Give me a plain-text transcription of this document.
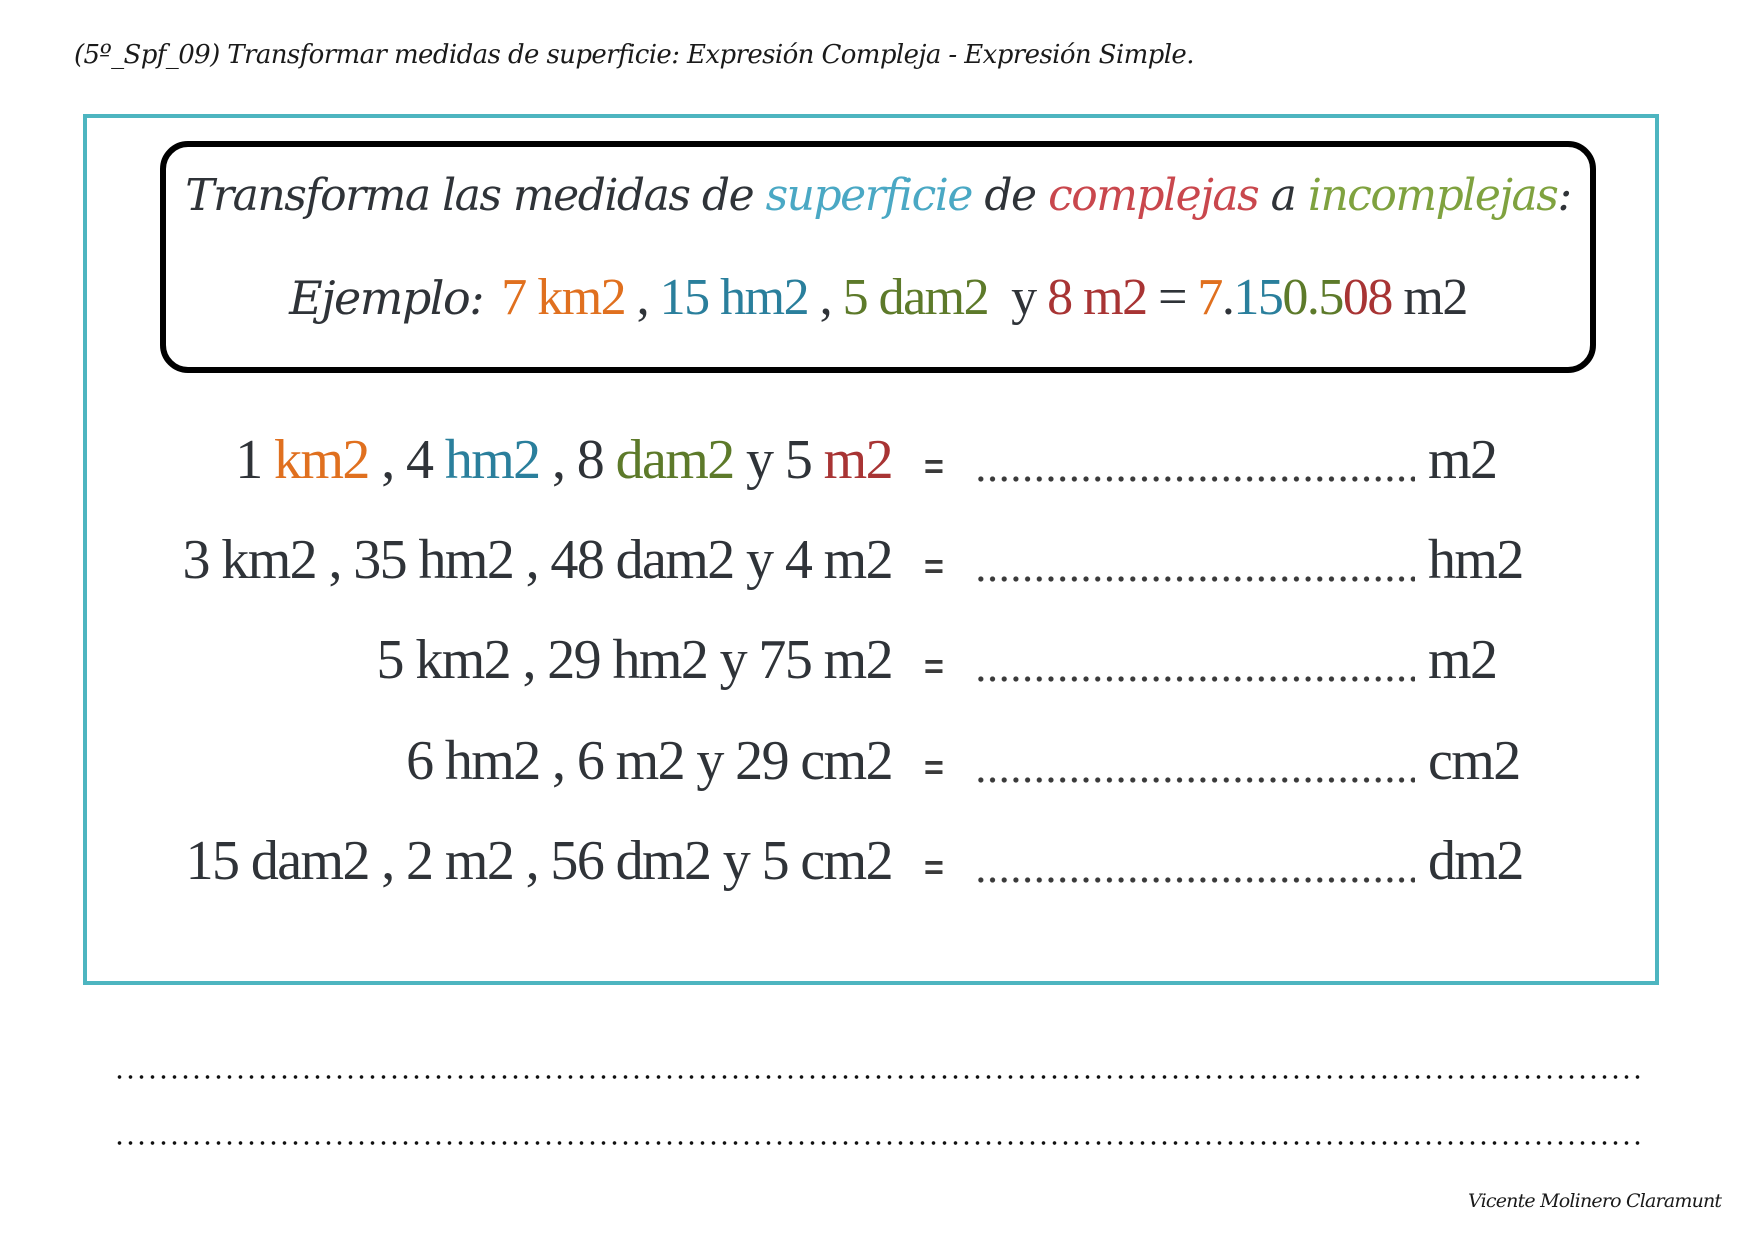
(5º_Spf_09) Transformar medidas de superficie: Expresión Compleja - Expresión Simple.
Transforma las medidas de superficie de complejas a incomplejas:
Ejemplo: 7 km2 , 15 hm2 , 5 dam2  y 8 m2 = 7.150.508 m2
1 km2 , 4 hm2 , 8 dam2 y 5 m2 =	m2
3 km2 , 35 hm2 , 48 dam2 y 4 m2 =	hm2
5 km2 , 29 hm2 y 75 m2 =	m2
6 hm2 , 6 m2 y 29 cm2 =	cm2
15 dam2 , 2 m2 , 56 dm2 y 5 cm2 =	dm2
Vicente Molinero Claramunt
